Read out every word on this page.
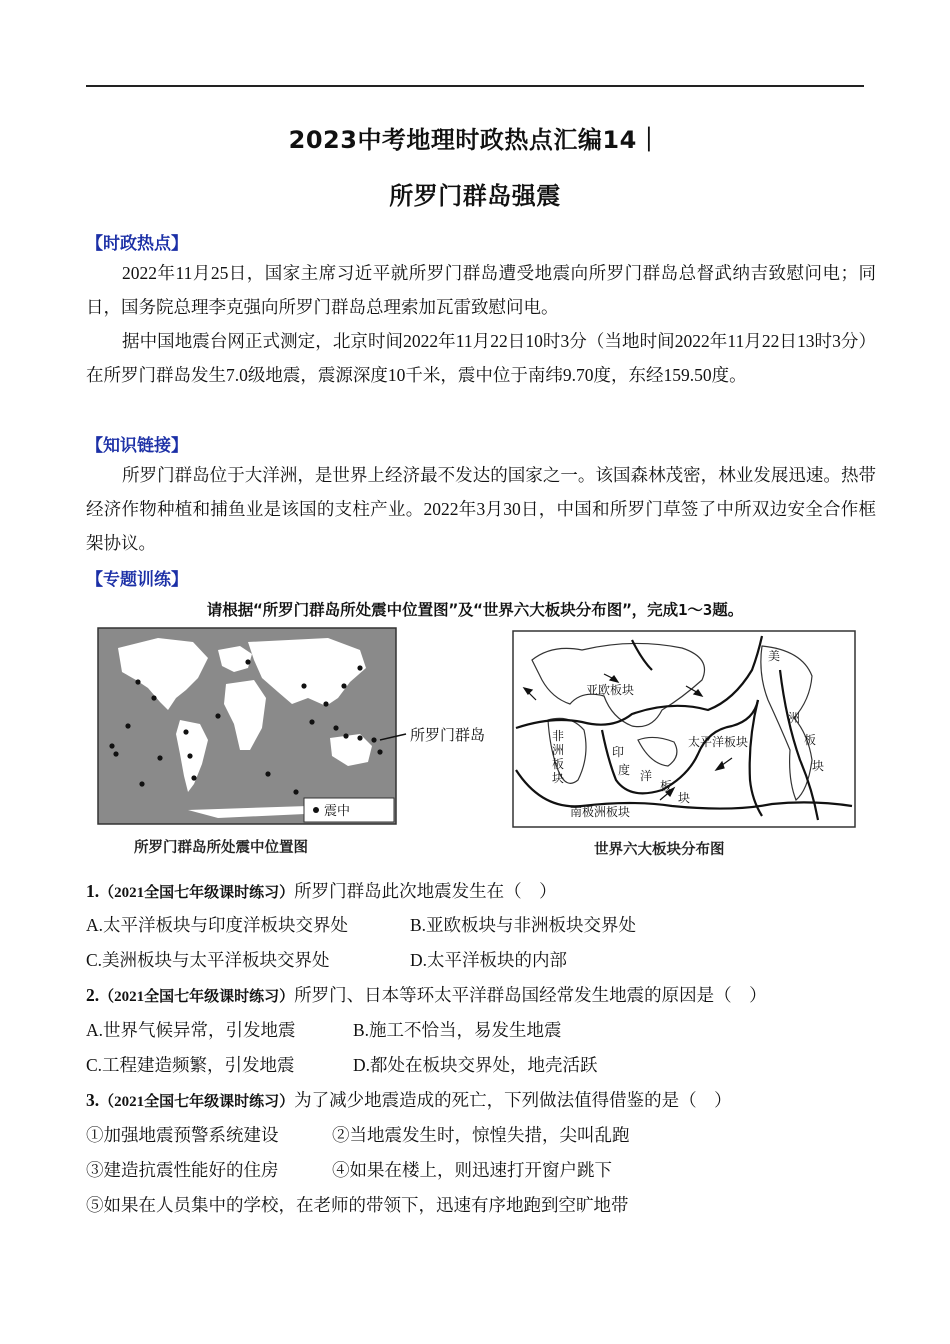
2023中考地理时政热点汇编14｜
所罗门群岛强震
【时政热点】
2022年11月25日，国家主席习近平就所罗门群岛遭受地震向所罗门群岛总督武纳吉致慰问电；同日，国务院总理李克强向所罗门群岛总理索加瓦雷致慰问电。
据中国地震台网正式测定，北京时间2022年11月22日10时3分（当地时间2022年11月22日13时3分）在所罗门群岛发生7.0级地震，震源深度10千米，震中位于南纬9.70度，东经159.50度。
【知识链接】
所罗门群岛位于大洋洲，是世界上经济最不发达的国家之一。该国森林茂密，林业发展迅速。热带经济作物种植和捕鱼业是该国的支柱产业。2022年3月30日，中国和所罗门草签了中所双边安全合作框架协议。
【专题训练】
请根据“所罗门群岛所处震中位置图”及“世界六大板块分布图”，完成1～3题。
所罗门群岛
震中
所罗门群岛所处震中位置图
亚欧板块
太平洋板块
非
洲
板
块
印
度 洋
板
块
美
洲
板
块
南极洲板块
世界六大板块分布图
1.（2021全国七年级课时练习）所罗门群岛此次地震发生在（　）
A.太平洋板块与印度洋板块交界处	B.亚欧板块与非洲板块交界处
C.美洲板块与太平洋板块交界处	D.太平洋板块的内部
2.（2021全国七年级课时练习）所罗门、日本等环太平洋群岛国经常发生地震的原因是（　）
A.世界气候异常，引发地震	B.施工不恰当，易发生地震
C.工程建造频繁，引发地震	D.都处在板块交界处，地壳活跃
3.（2021全国七年级课时练习）为了减少地震造成的死亡，下列做法值得借鉴的是（　）
①加强地震预警系统建设	②当地震发生时，惊惶失措，尖叫乱跑
③建造抗震性能好的住房	④如果在楼上，则迅速打开窗户跳下
⑤如果在人员集中的学校，在老师的带领下，迅速有序地跑到空旷地带
